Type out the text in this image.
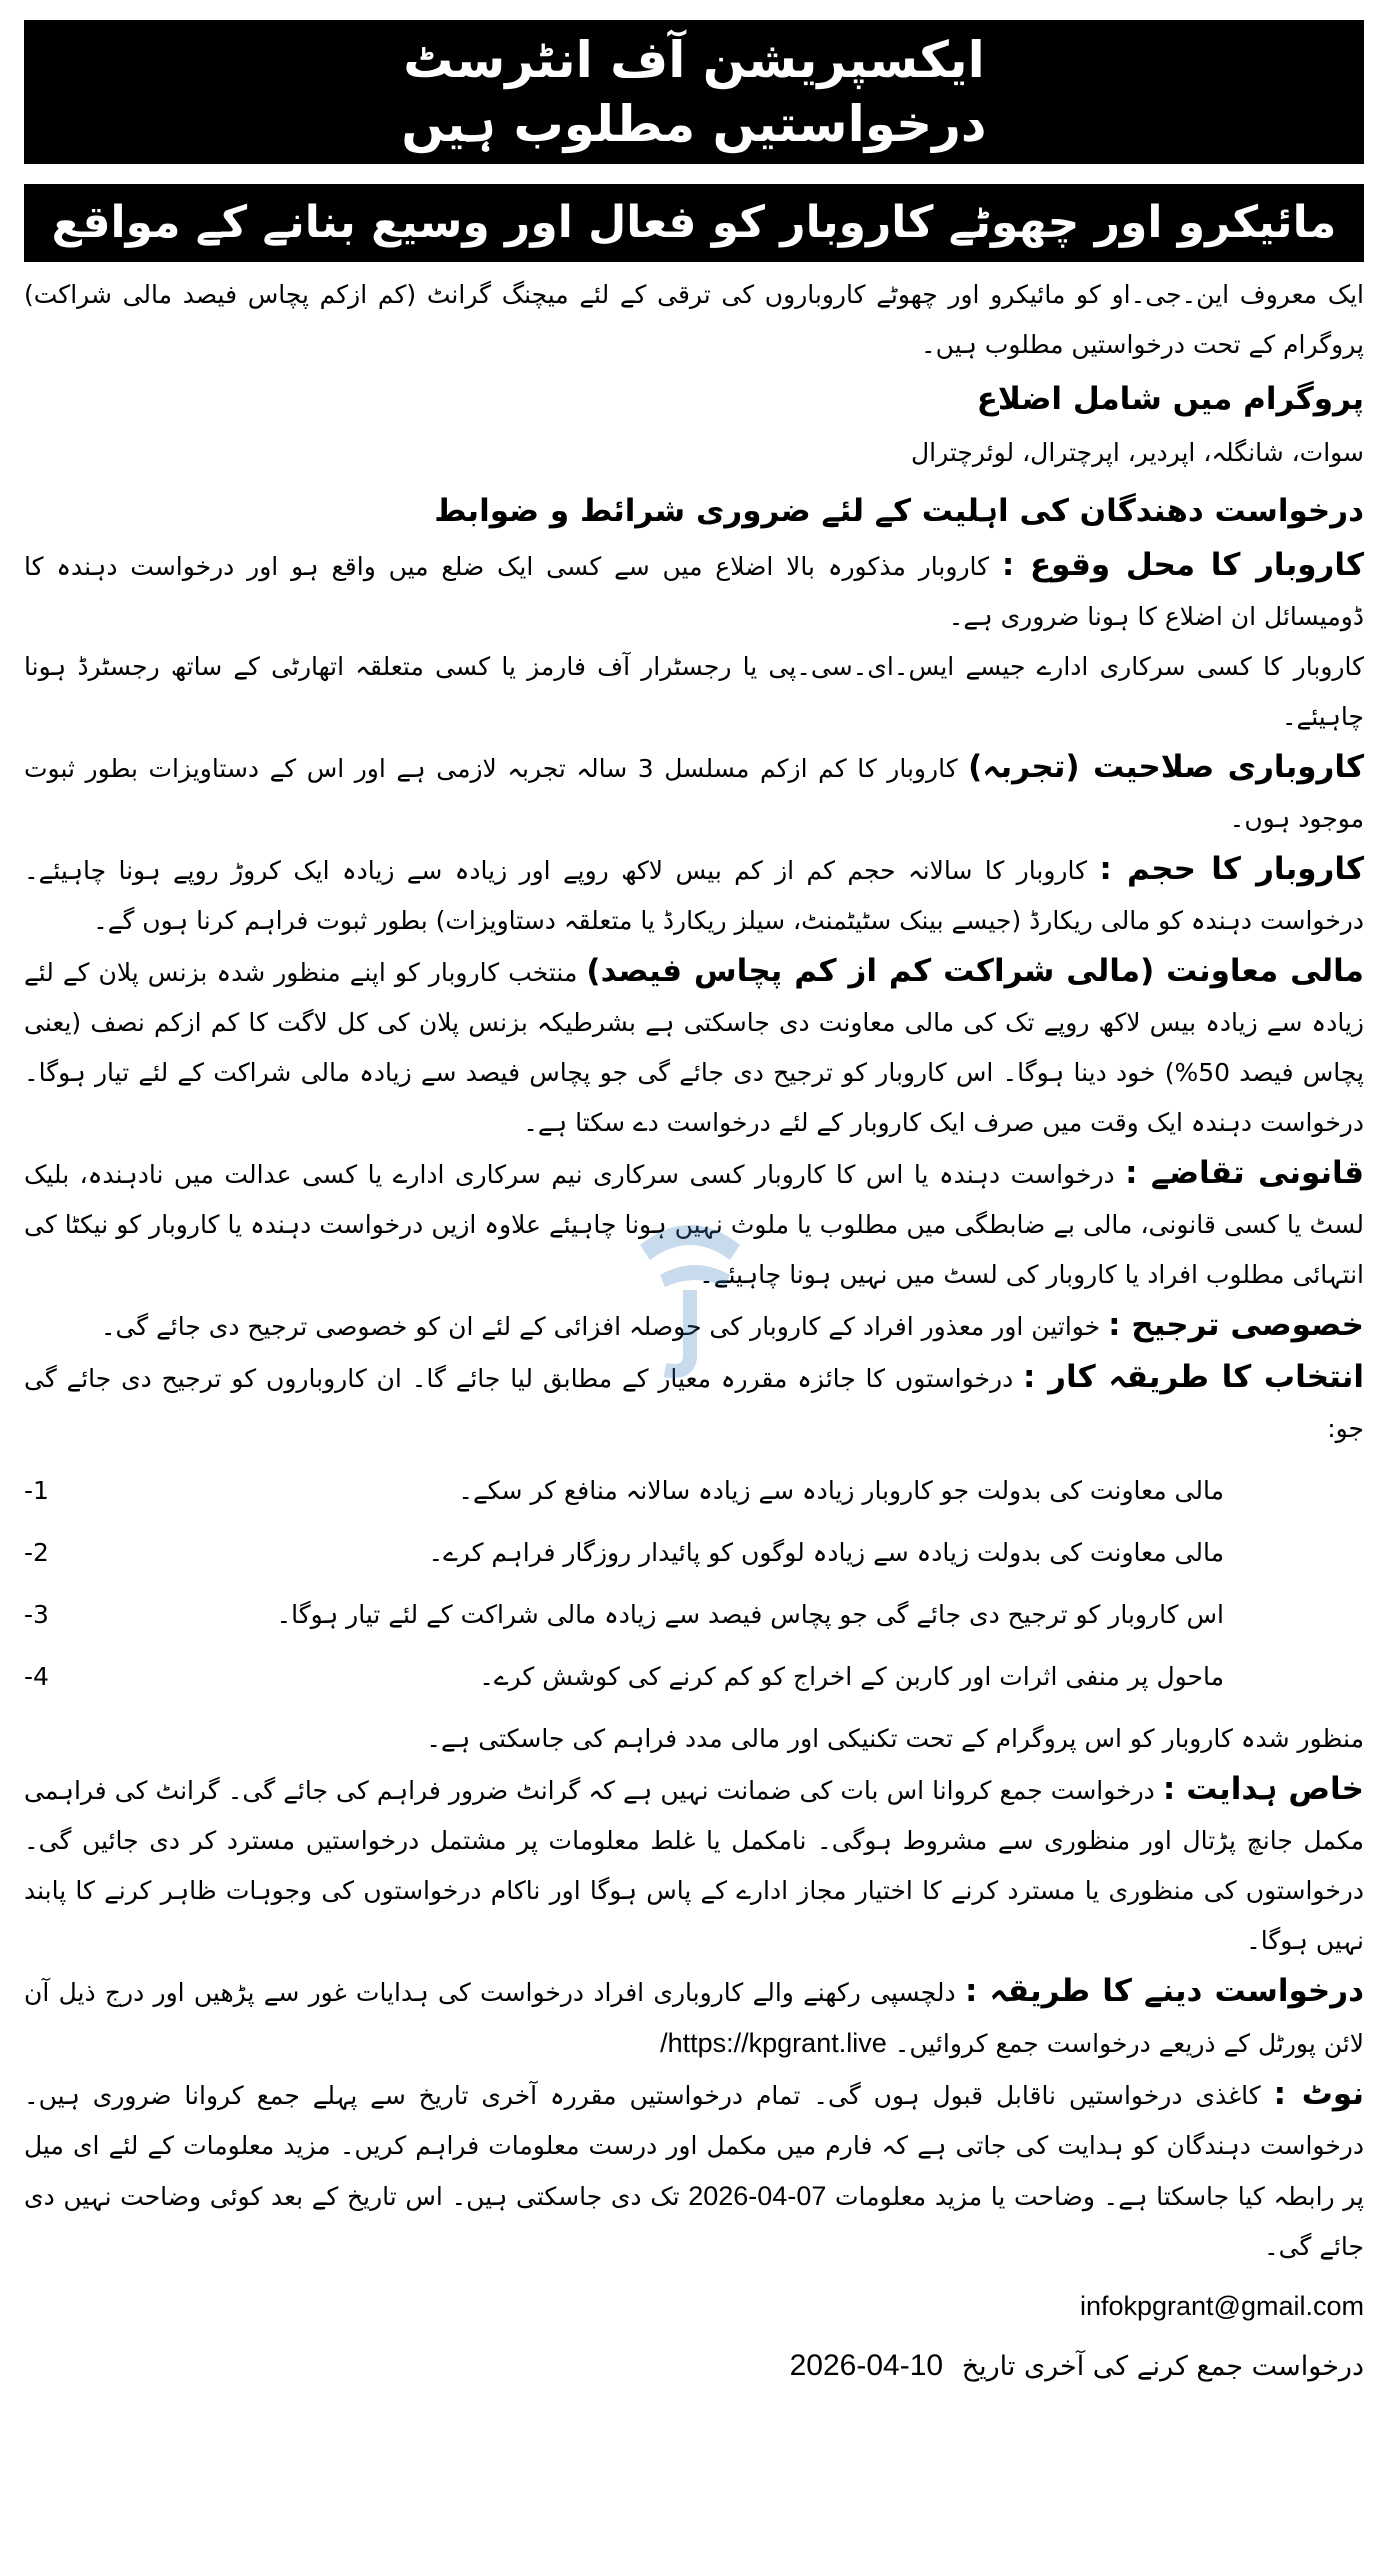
ایکسپریشن آف انٹرسٹ
درخواستیں مطلوب ہیں
مائیکرو اور چھوٹے کاروبار کو فعال اور وسیع بنانے کے مواقع

ایک معروف این۔جی۔او کو مائیکرو اور چھوٹے کاروباروں کی ترقی کے لئے میچنگ گرانٹ (کم ازکم پچاس فیصد مالی شراکت) پروگرام کے تحت درخواستیں مطلوب ہیں۔

پروگرام میں شامل اضلاع

سوات، شانگلہ، اپردیر، اپرچترال، لوئرچترال

درخواست دھندگان کی اہلیت کے لئے ضروری شرائط و ضوابط

کاروبار کا محل وقوع : کاروبار مذکورہ بالا اضلاع میں سے کسی ایک ضلع میں واقع ہو اور درخواست دہندہ کا ڈومیسائل ان اضلاع کا ہونا ضروری ہے۔

کاروبار کا کسی سرکاری ادارے جیسے ایس۔ای۔سی۔پی یا رجسٹرار آف فارمز یا کسی متعلقہ اتھارٹی کے ساتھ رجسٹرڈ ہونا چاہیئے۔

کاروباری صلاحیت (تجربہ) کاروبار کا کم ازکم مسلسل 3 سالہ تجربہ لازمی ہے اور اس کے دستاویزات بطور ثبوت موجود ہوں۔

کاروبار کا حجم : کاروبار کا سالانہ حجم کم از کم بیس لاکھ روپے اور زیادہ سے زیادہ ایک کروڑ روپے ہونا چاہیئے۔ درخواست دہندہ کو مالی ریکارڈ (جیسے بینک سٹیٹمنٹ، سیلز ریکارڈ یا متعلقہ دستاویزات) بطور ثبوت فراہم کرنا ہوں گے۔

مالی معاونت (مالی شراکت کم از کم پچاس فیصد) منتخب کاروبار کو اپنے منظور شدہ بزنس پلان کے لئے زیادہ سے زیادہ بیس لاکھ روپے تک کی مالی معاونت دی جاسکتی ہے بشرطیکہ بزنس پلان کی کل لاگت کا کم ازکم نصف (یعنی پچاس فیصد 50%) خود دینا ہوگا۔ اس کاروبار کو ترجیح دی جائے گی جو پچاس فیصد سے زیادہ مالی شراکت کے لئے تیار ہوگا۔ درخواست دہندہ ایک وقت میں صرف ایک کاروبار کے لئے درخواست دے سکتا ہے۔

قانونی تقاضے : درخواست دہندہ یا اس کا کاروبار کسی سرکاری نیم سرکاری ادارے یا کسی عدالت میں نادہندہ، بلیک لسٹ یا کسی قانونی، مالی بے ضابطگی میں مطلوب یا ملوث نہیں ہونا چاہیئے علاوہ ازیں درخواست دہندہ یا کاروبار کو نیکٹا کی انتہائی مطلوب افراد یا کاروبار کی لسٹ میں نہیں ہونا چاہیئے۔

خصوصی ترجیح : خواتین اور معذور افراد کے کاروبار کی حوصلہ افزائی کے لئے ان کو خصوصی ترجیح دی جائے گی۔

انتخاب کا طریقہ کار : درخواستوں کا جائزہ مقررہ معیار کے مطابق لیا جائے گا۔ ان کاروباروں کو ترجیح دی جائے گی جو:

مالی معاونت کی بدولت جو کاروبار زیادہ سے زیادہ سالانہ منافع کر سکے۔
-1
مالی معاونت کی بدولت زیادہ سے زیادہ لوگوں کو پائیدار روزگار فراہم کرے۔
-2
اس کاروبار کو ترجیح دی جائے گی جو پچاس فیصد سے زیادہ مالی شراکت کے لئے تیار ہوگا۔
-3
ماحول پر منفی اثرات اور کاربن کے اخراج کو کم کرنے کی کوشش کرے۔
-4

منظور شدہ کاروبار کو اس پروگرام کے تحت تکنیکی اور مالی مدد فراہم کی جاسکتی ہے۔

خاص ہدایت : درخواست جمع کروانا اس بات کی ضمانت نہیں ہے کہ گرانٹ ضرور فراہم کی جائے گی۔ گرانٹ کی فراہمی مکمل جانچ پڑتال اور منظوری سے مشروط ہوگی۔ نامکمل یا غلط معلومات پر مشتمل درخواستیں مسترد کر دی جائیں گی۔ درخواستوں کی منظوری یا مسترد کرنے کا اختیار مجاز ادارے کے پاس ہوگا اور ناکام درخواستوں کی وجوہات ظاہر کرنے کا پابند نہیں ہوگا۔

درخواست دینے کا طریقہ : دلچسپی رکھنے والے کاروباری افراد درخواست کی ہدایات غور سے پڑھیں اور درج ذیل آن لائن پورٹل کے ذریعے درخواست جمع کروائیں۔ https://kpgrant.live/

نوٹ : کاغذی درخواستیں ناقابل قبول ہوں گی۔ تمام درخواستیں مقررہ آخری تاریخ سے پہلے جمع کروانا ضروری ہیں۔ درخواست دہندگان کو ہدایت کی جاتی ہے کہ فارم میں مکمل اور درست معلومات فراہم کریں۔ مزید معلومات کے لئے ای میل پر رابطہ کیا جاسکتا ہے۔ وضاحت یا مزید معلومات 07-04-2026 تک دی جاسکتی ہیں۔ اس تاریخ کے بعد کوئی وضاحت نہیں دی جائے گی۔

infokpgrant@gmail.com
درخواست جمع کرنے کی آخری تاریخ 10-04-2026
